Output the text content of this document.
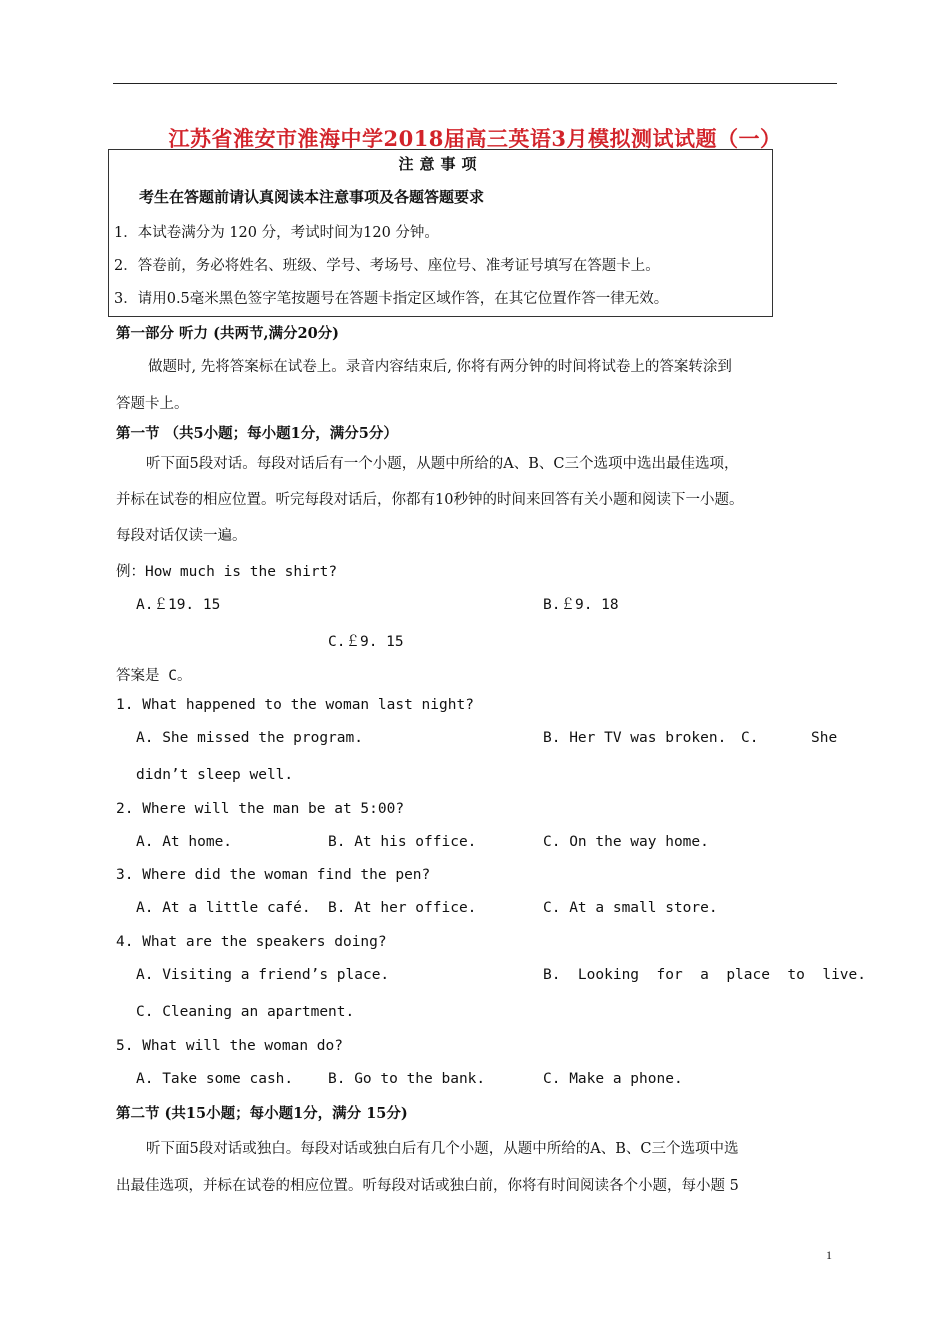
江苏省淮安市淮海中学2018届高三英语3月模拟测试试题（一）
注意事项
考生在答题前请认真阅读本注意事项及各题答题要求
1．本试卷满分为 120 分，考试时间为120 分钟。
2．答卷前，务必将姓名、班级、学号、考场号、座位号、准考证号填写在答题卡上。
3．请用0.5毫米黑色签字笔按题号在答题卡指定区域作答，在其它位置作答一律无效。
第一部分 听力 (共两节,满分20分)
做题时, 先将答案标在试卷上。录音内容结束后, 你将有两分钟的时间将试卷上的答案转涂到
答题卡上。
第一节 （共5小题；每小题1分，满分5分）
听下面5段对话。每段对话后有一个小题，从题中所给的A、B、C三个选项中选出最佳选项，
并标在试卷的相应位置。听完每段对话后，你都有10秒钟的时间来回答有关小题和阅读下一小题。
每段对话仅读一遍。
例：How much is the shirt?
A.￡19. 15	B.￡9. 18
C.￡9. 15
答案是 C。
1. What happened to the woman last night?
A. She missed the program.	B. Her TV was broken. C.	She
didn’t sleep well.
2. Where will the man be at 5:00?
A. At home.	B. At his office.	C. On the way home.
3. Where did the woman find the pen?
A. At a little café. B. At her office.	C. At a small store.
4. What are the speakers doing?
A. Visiting a friend’s place.	B.  Looking  for  a  place  to  live.
C. Cleaning an apartment.
5. What will the woman do?
A. Take some cash. B. Go to the bank.	C. Make a phone.
第二节 (共15小题；每小题1分，满分 15分)
听下面5段对话或独白。每段对话或独白后有几个小题，从题中所给的A、B、C三个选项中选
出最佳选项，并标在试卷的相应位置。听每段对话或独白前，你将有时间阅读各个小题，每小题 5
1
